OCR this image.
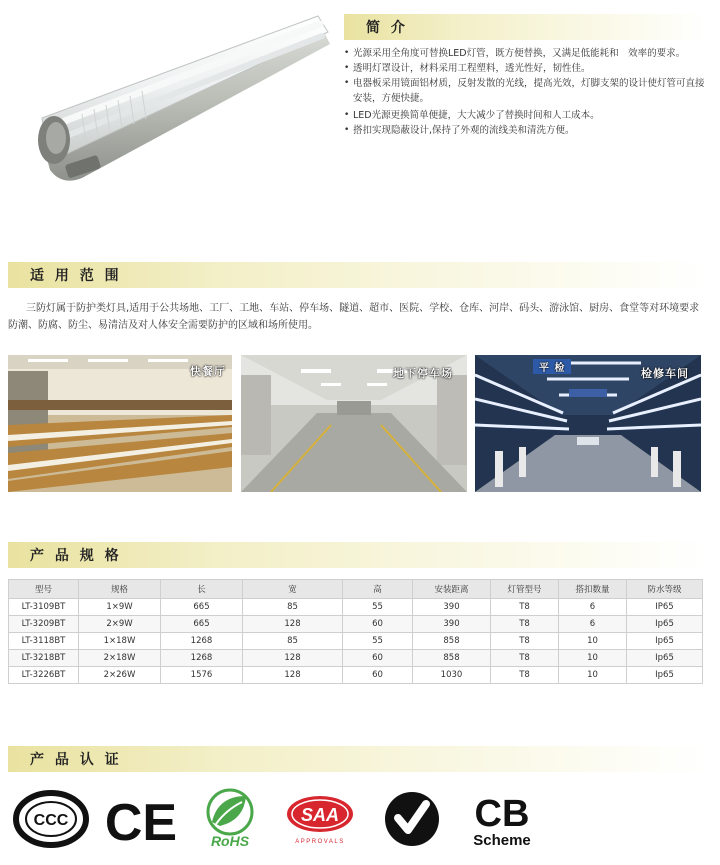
简 介
• 光源采用全角度可替换LED灯管，既方便替换，又满足低能耗和　效率的要求。
• 透明灯罩设计，材料采用工程塑料，透光性好，韧性佳。
• 电器板采用镜面铝材质，反射发散的光线，提高光效，灯脚支架的设计使灯管可直接安装，方便快捷。
• LED光源更换简单便捷，大大减少了替换时间和人工成本。
• 搭扣实现隐蔽设计,保持了外观的流线美和清洗方便。
适 用 范 围

三防灯属于防护类灯具,适用于公共场地、工厂、工地、车站、停车场、隧道、超市、医院、学校、仓库、河岸、码头、游泳馆、厨房、食堂等对环境要求防潮、防腐、防尘、易清洁及对人体安全需要防护的区域和场所使用。

快餐厅	地下停车场	平 检	检修车间
产 品 规 格
型号	规格	长	宽	高	安装距离	灯管型号	搭扣数量	防水等级
LT-3109BT	1×9W	665	85	55	390	T8	6	IP65
LT-3209BT	2×9W	665	128	60	390	T8	6	Ip65
LT-3118BT	1×18W	1268	85	55	858	T8	10	Ip65
LT-3218BT	2×18W	1268	128	60	858	T8	10	Ip65
LT-3226BT	2×26W	1576	128	60	1030	T8	10	Ip65
产 品 认 证
CCC CE RoHS
SAA
APPROVALS
CB
Scheme
